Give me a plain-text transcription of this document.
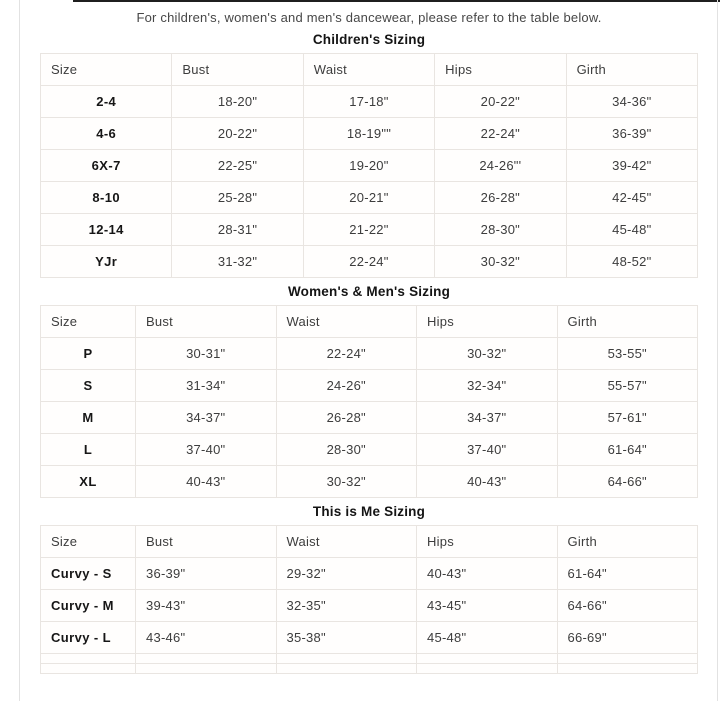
For children's, women's and men's dancewear, please refer to the table below.

Children's Sizing
Size	Bust	Waist	Hips	Girth
2-4	18-20"	17-18"	20-22"	34-36"
4-6	20-22"	18-19""	22-24"	36-39"
6X-7	22-25"	19-20"	24-26"'	39-42"
8-10	25-28"	20-21"	26-28"	42-45"
12-14	28-31"	21-22"	28-30"	45-48"
YJr	31-32"	22-24"	30-32"	48-52"
Women's & Men's Sizing
Size	Bust	Waist	Hips	Girth
P	30-31"	22-24"	30-32"	53-55"
S	31-34"	24-26"	32-34"	55-57"
M	34-37"	26-28"	34-37"	57-61"
L	37-40"	28-30"	37-40"	61-64"
XL	40-43"	30-32"	40-43"	64-66"
This is Me Sizing
Size	Bust	Waist	Hips	Girth
Curvy - S	36-39"	29-32"	40-43"	61-64"
Curvy - M	39-43"	32-35"	43-45"	64-66"
Curvy - L	43-46"	35-38"	45-48"	66-69"
